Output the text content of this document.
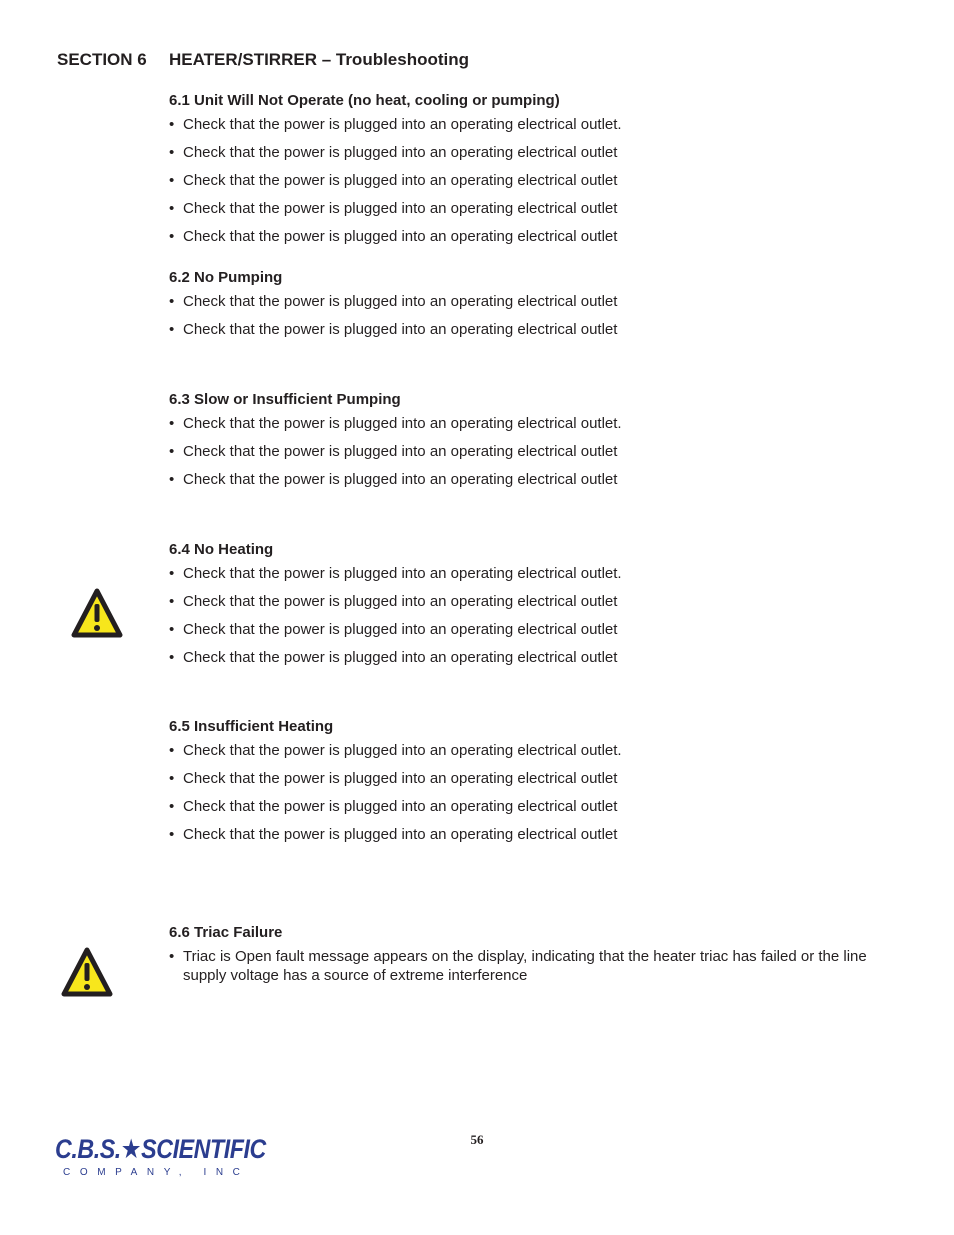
SECTION 6 HEATER/STIRRER – Troubleshooting
6.1 Unit Will Not Operate (no heat, cooling or pumping)
• Check that the power is plugged into an operating electrical outlet.
• Check that the power is plugged into an operating electrical outlet
• Check that the power is plugged into an operating electrical outlet
• Check that the power is plugged into an operating electrical outlet
• Check that the power is plugged into an operating electrical outlet
6.2 No Pumping
• Check that the power is plugged into an operating electrical outlet
• Check that the power is plugged into an operating electrical outlet
6.3 Slow or Insufficient Pumping
• Check that the power is plugged into an operating electrical outlet.
• Check that the power is plugged into an operating electrical outlet
• Check that the power is plugged into an operating electrical outlet
6.4 No Heating
• Check that the power is plugged into an operating electrical outlet.
• Check that the power is plugged into an operating electrical outlet
• Check that the power is plugged into an operating electrical outlet
• Check that the power is plugged into an operating electrical outlet
6.5 Insufficient Heating
• Check that the power is plugged into an operating electrical outlet.
• Check that the power is plugged into an operating electrical outlet
• Check that the power is plugged into an operating electrical outlet
• Check that the power is plugged into an operating electrical outlet
6.6 Triac Failure
• Triac is Open fault message appears on the display, indicating that the heater triac has failed or the line supply voltage has a source of extreme interference
56
C.B.S.★SCIENTIFIC
COMPANY, INC
